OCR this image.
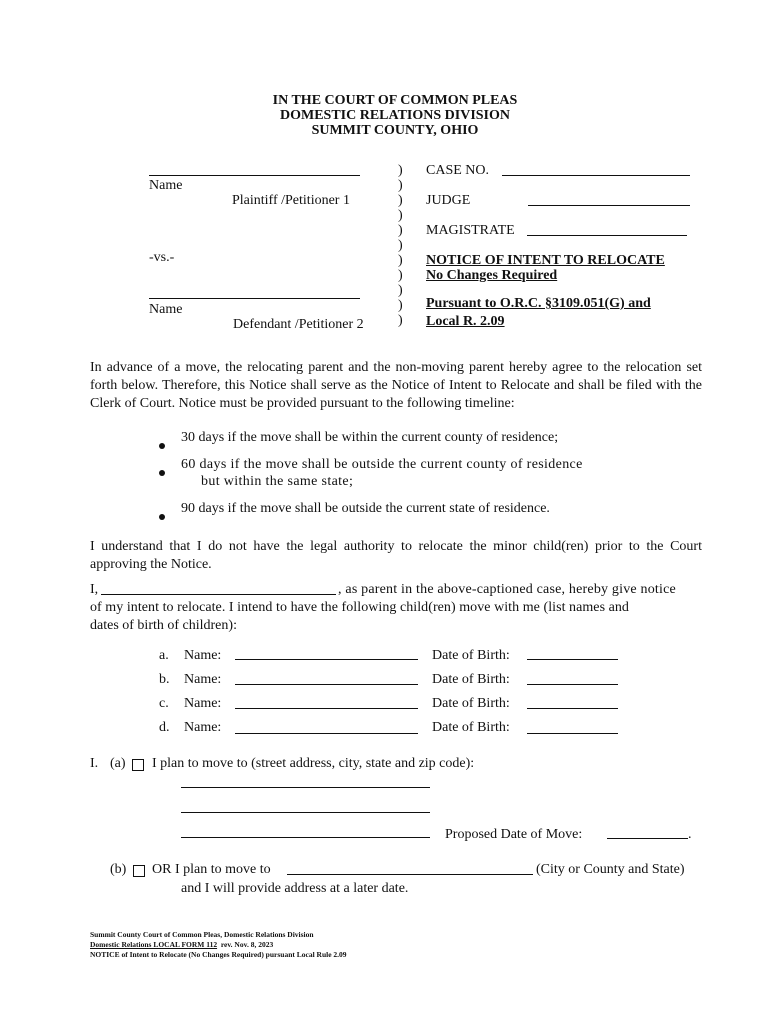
IN THE COURT OF COMMON PLEAS
DOMESTIC RELATIONS DIVISION
SUMMIT COUNTY, OHIO
Name
Plaintiff /Petitioner 1
-vs.-
Name
Defendant /Petitioner 2
)
)
)
)
)
)
)
)
)
)
)
CASE NO.
JUDGE
MAGISTRATE
NOTICE OF INTENT TO RELOCATE
No Changes Required
Pursuant to O.R.C. §3109.051(G) and
Local R. 2.09
In advance of a move, the relocating parent and the non-moving parent hereby agree to the relocation set forth below. Therefore, this Notice shall serve as the Notice of Intent to Relocate and shall be filed with the Clerk of Court. Notice must be provided pursuant to the following timeline:
30 days if the move shall be within the current county of residence;
60 days if the move shall be outside the current county of residence
but within the same state;
90 days if the move shall be outside the current state of residence.
I understand that I do not have the legal authority to relocate the minor child(ren) prior to the Court approving the Notice.
I,	, as parent in the above-captioned case, hereby give notice
of my intent to relocate. I intend to have the following child(ren) move with me (list names and
dates of birth of children):
a. Name:	Date of Birth:
b. Name:	Date of Birth:
c. Name:	Date of Birth:
d. Name:	Date of Birth:
I. (a) I plan to move to (street address, city, state and zip code):
Proposed Date of Move:	.
(b) OR I plan to move to	(City or County and State)
and I will provide address at a later date.
Summit County Court of Common Pleas, Domestic Relations Division
Domestic Relations LOCAL FORM 112  rev. Nov. 8, 2023
NOTICE of Intent to Relocate (No Changes Required) pursuant Local Rule 2.09
